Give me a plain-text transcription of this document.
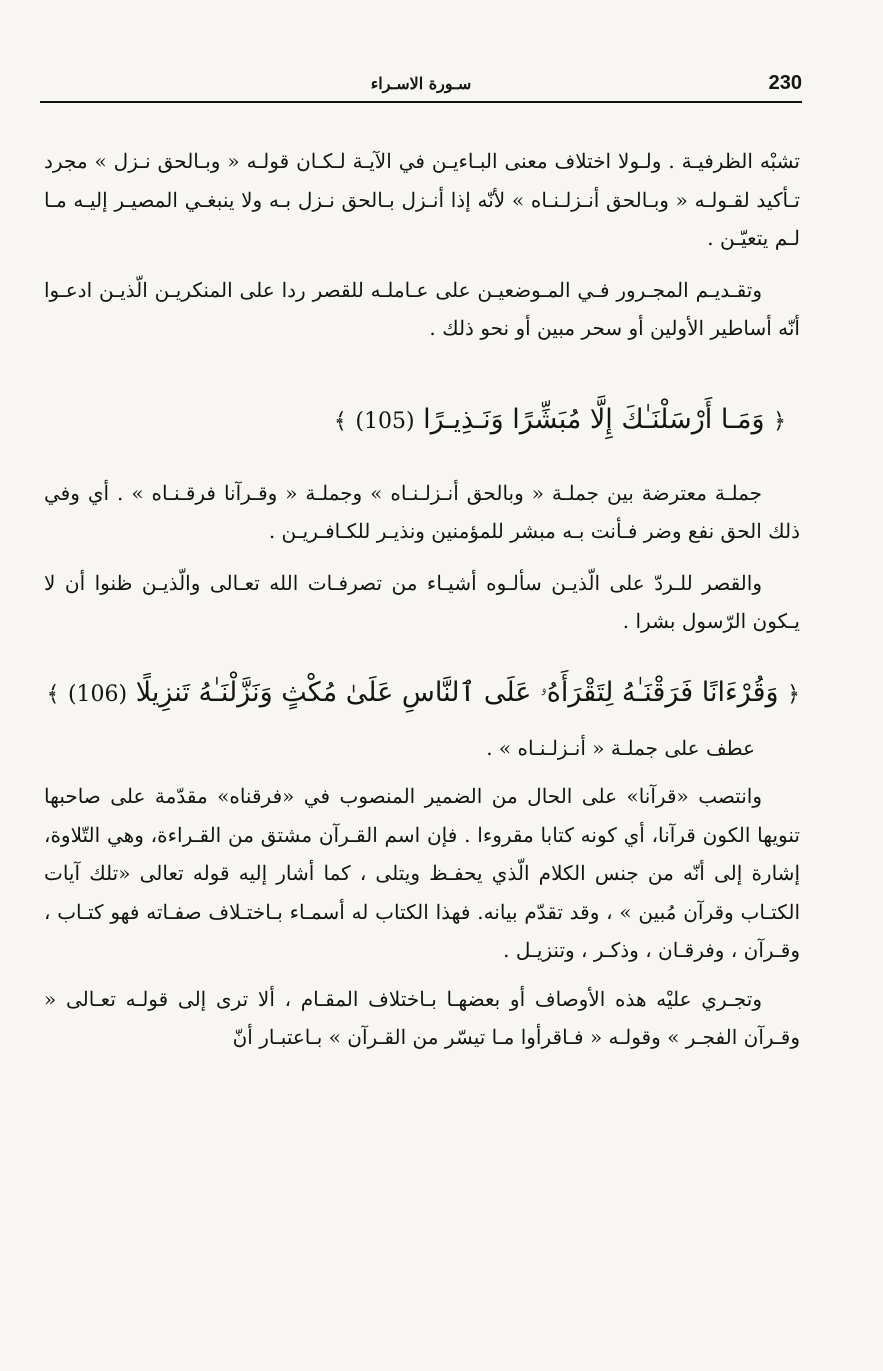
230
سـورة الاسـراء

تشبْه الظرفيـة . ولـولا اختلاف معنى البـاءيـن في الآيـة لـكـان قولـه « وبـالحق نـزل » مجرد تـأكيد لقـولـه « وبـالحق أنـزلـنـاه » لأنّه إذا أنـزل بـالحق نـزل بـه ولا ينبغـي المصيـر إليـه مـا لـم يتعيّـن .

وتقـديـم المجـرور فـي المـوضعيـن على عـاملـه للقصر ردا على المنكريـن الّذيـن ادعـوا أنّه أساطير الأولين أو سحر مبين أو نحو ذلك .

﴿ وَمَـا أَرْسَلْنَـٰكَ إِلَّا مُبَشِّرًا وَنَـذِيـرًا (105) ﴾

جملـة معترضة بين جملـة « وبالحق أنـزلـنـاه » وجملـة « وقـرآنا فرقـنـاه » . أي وفي ذلك الحق نفع وضر فـأنت بـه مبشر للمؤمنين ونذيـر للكـافـريـن .

والقصر للـردّ على الّذيـن سألـوه أشيـاء من تصرفـات الله تعـالى والّذيـن ظنوا أن لا يـكون الرّسول بشرا .

﴿ وَقُرْءَانًا فَرَقْنَـٰهُ لِتَقْرَأَهُۥ عَلَى ٱلنَّاسِ عَلَىٰ مُكْثٍ وَنَزَّلْنَـٰهُ تَنزِيلًا (106) ﴾

عطف على جملـة « أنـزلـنـاه » .

وانتصب «قرآنا» على الحال من الضمير المنصوب في «فرقناه» مقدّمة على صاحبها تنويها الكون قرآنا، أي كونه كتابا مقروءا . فإن اسم القـرآن مشتق من القـراءة، وهي التّلاوة، إشارة إلى أنّه من جنس الكلام الّذي يحفـظ ويتلى ، كما أشار إليه قوله تعالى «تلك آيات الكتـاب وقرآن مُبين » ، وقد تقدّم بيانه. فهذا الكتاب له أسمـاء بـاختـلاف صفـاته فهو كتـاب ، وقـرآن ، وفرقـان ، وذكـر ، وتنزيـل .

وتجـري عليْه هذه الأوصاف أو بعضهـا بـاختلاف المقـام ، ألا ترى إلى قولـه تعـالى « وقـرآن الفجـر » وقولـه « فـاقرأوا مـا تيسّر من القـرآن » بـاعتبـار أنّ
